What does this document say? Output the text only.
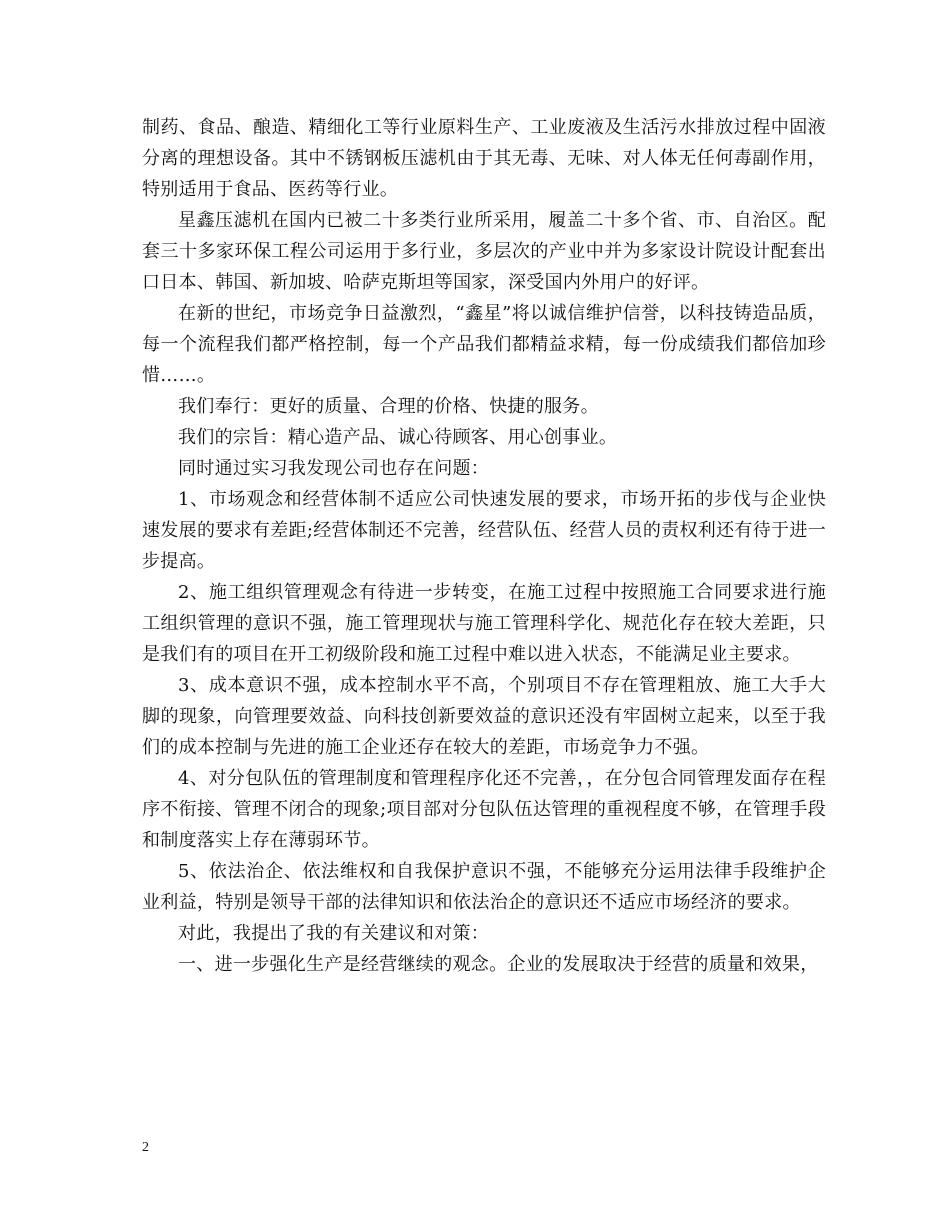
制药、食品、酿造、精细化工等行业原料生产、工业废液及生活污水排放过程中固液分离的理想设备。其中不锈钢板压滤机由于其无毒、无味、对人体无任何毒副作用，特别适用于食品、医药等行业。

星鑫压滤机在国内已被二十多类行业所采用，履盖二十多个省、市、自治区。配套三十多家环保工程公司运用于多行业，多层次的产业中并为多家设计院设计配套出口日本、韩国、新加坡、哈萨克斯坦等国家，深受国内外用户的好评。

在新的世纪，市场竞争日益激烈，“鑫星”将以诚信维护信誉，以科技铸造品质，每一个流程我们都严格控制，每一个产品我们都精益求精，每一份成绩我们都倍加珍惜……。

我们奉行：更好的质量、合理的价格、快捷的服务。

我们的宗旨：精心造产品、诚心待顾客、用心创事业。

同时通过实习我发现公司也存在问题：

1、市场观念和经营体制不适应公司快速发展的要求，市场开拓的步伐与企业快速发展的要求有差距;经营体制还不完善，经营队伍、经营人员的责权利还有待于进一步提高。

2、施工组织管理观念有待进一步转变，在施工过程中按照施工合同要求进行施工组织管理的意识不强，施工管理现状与施工管理科学化、规范化存在较大差距，只是我们有的项目在开工初级阶段和施工过程中难以进入状态，不能满足业主要求。

3、成本意识不强，成本控制水平不高，个别项目不存在管理粗放、施工大手大脚的现象，向管理要效益、向科技创新要效益的意识还没有牢固树立起来，以至于我们的成本控制与先进的施工企业还存在较大的差距，市场竞争力不强。

4、对分包队伍的管理制度和管理程序化还不完善，，在分包合同管理发面存在程序不衔接、管理不闭合的现象;项目部对分包队伍达管理的重视程度不够，在管理手段和制度落实上存在薄弱环节。

5、依法治企、依法维权和自我保护意识不强，不能够充分运用法律手段维护企业利益，特别是领导干部的法律知识和依法治企的意识还不适应市场经济的要求。

对此，我提出了我的有关建议和对策：

一、进一步强化生产是经营继续的观念。企业的发展取决于经营的质量和效果，

2
